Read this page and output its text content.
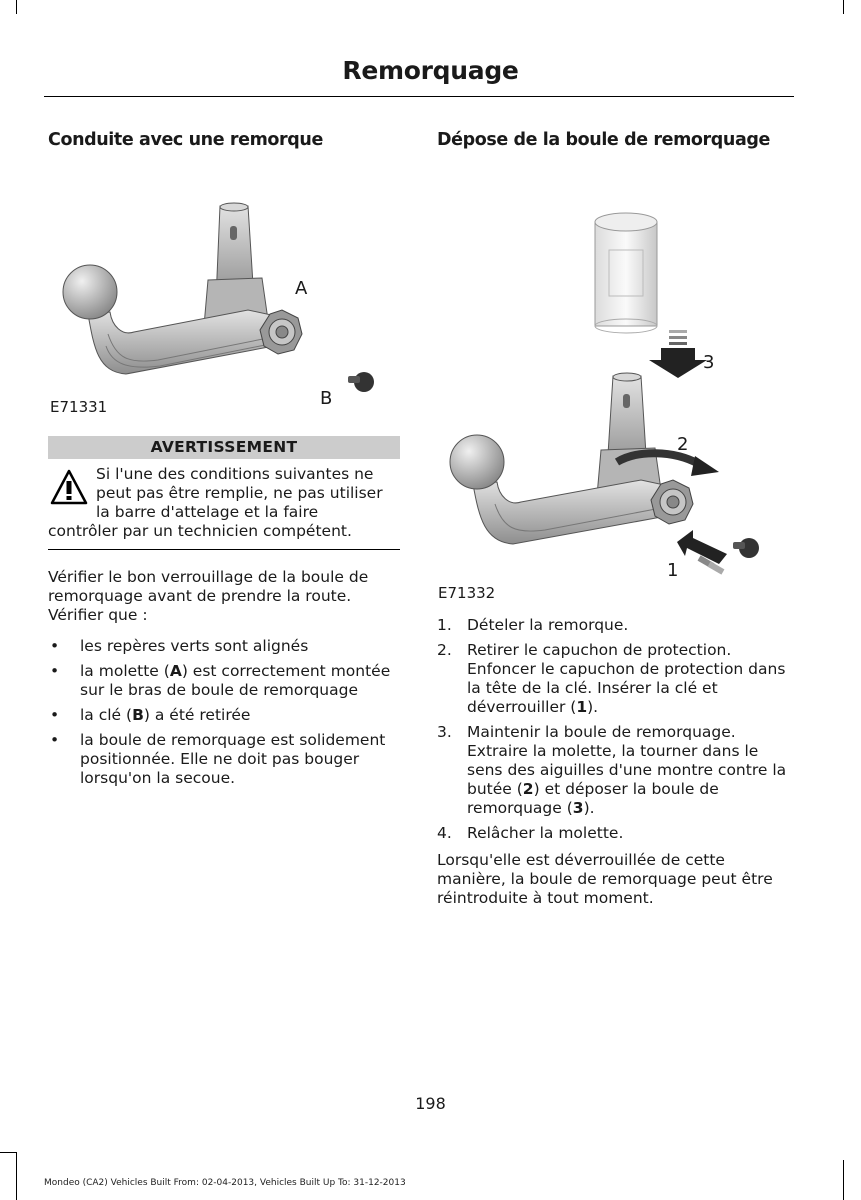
Remorquage
Conduite avec une remorque
A
B
E71331
AVERTISSEMENT
Si l'une des conditions suivantes ne
peut pas être remplie, ne pas utiliser
la barre d'attelage et la faire
contrôler par un technicien compétent.

Vérifier le bon verrouillage de la boule de remorquage avant de prendre la route. Vérifier que :

• les repères verts sont alignés
• la molette (A) est correctement montée sur le bras de boule de remorquage
• la clé (B) a été retirée
• la boule de remorquage est solidement positionnée. Elle ne doit pas bouger lorsqu'on la secoue.
Dépose de la boule de remorquage
3
2
1
E71332
1. Dételer la remorque.
2. Retirer le capuchon de protection. Enfoncer le capuchon de protection dans la tête de la clé. Insérer la clé et déverrouiller (1).
3. Maintenir la boule de remorquage. Extraire la molette, la tourner dans le sens des aiguilles d'une montre contre la butée (2) et déposer la boule de remorquage (3).
4. Relâcher la molette.

Lorsqu'elle est déverrouillée de cette manière, la boule de remorquage peut être réintroduite à tout moment.

198
Mondeo (CA2) Vehicles Built From: 02-04-2013, Vehicles Built Up To: 31-12-2013
